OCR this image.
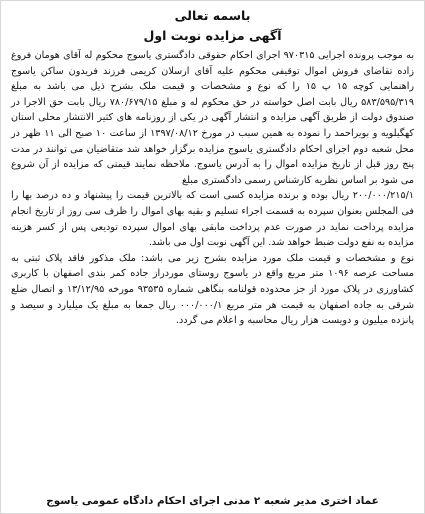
باسمه تعالی
آگهی مزایده نوبت اول

به موجب پرونده اجرایی ۹۷۰۳۱۵ اجرای احکام حقوقی دادگستری یاسوج محکوم له آقای هومان فروغ زاده تقاضای فروش اموال توقیفی محکوم علیه آقای ارسلان کریمی فرزند فریدون ساکن یاسوج راهنمایی کوچه ۱۵ پ ۱۵ را که نوع و مشخصات و قیمت ملک بشرح ذیل می باشد به مبلغ ۵۸۳/۵۹۵/۳۱۹ ریال بابت اصل خواسته در حق محکوم له و مبلغ ۷۸۰/۶۷۹/۱۵ ریال بابت حق الاجرا در صندوق دولت از طریق آگهی مزایده و انتشار آگهی در یکی از روزنامه های کثیر الانتشار محلی استان کهگیلویه و بویراحمد را نموده به همین سبب در مورخ ۱۳۹۷/۰۸/۱۲ از ساعت ۱۰ صبح الی ۱۱ ظهر در محل شعبه دوم اجرای احکام دادگستری یاسوج مزایده برگزار خواهد شد متقاضیان می توانند در مدت پنج روز قبل از تاریخ مزایده اموال را به آدرس یاسوج. ملاحظه نمایند قیمتی که مزایده از آن شروع می شود بر اساس نظریه کارشناس رسمی دادگستری مبلغ

۲۰۰/۰۰۰/۲۱۵/۱ ریال بوده و برنده مزایده کسی است که بالاترین قیمت را پیشنهاد و ده درصد بها را فی المجلس بعنوان سپرده به قسمت اجراء تسلیم و بقیه بهای اموال را ظرف سی روز از تاریخ انجام مزایده پرداخت نماید در صورت عدم پرداخت مابقی بهای اموال سپرده تودیعی پس از کسر هزینه مزایده به نفع دولت ضبط خواهد شد. این آگهی نوبت اول می باشد.

نوع و مشخصات و قیمت ملک مورد مزایده بشرح زیر می باشد: ملک مذکور فاقد پلاک ثبتی به مساحت عرصه ۱۰۹۶ متر مربع واقع در یاسوج روستای موردراز جاده کمر بندی اصفهان با کاربری کشاورزی در پلاک مورد از جز محدوده قولنامه بنگاهی شماره ۹۳۵۳۵ مورخه ۱۳/۱۲/۹۵ و اتصال ضلع شرقی به جاده اصفهان به قیمت هر متر مربع ۰۰۰/۰۰۰/۱ ریال جمعا به مبلغ یک میلیارد و سیصد و پانزده میلیون و دویست هزار ریال محاسبه و اعلام می گردد.

عماد اختری مدیر شعبه ۲ مدنی اجرای احکام دادگاه عمومی یاسوج
